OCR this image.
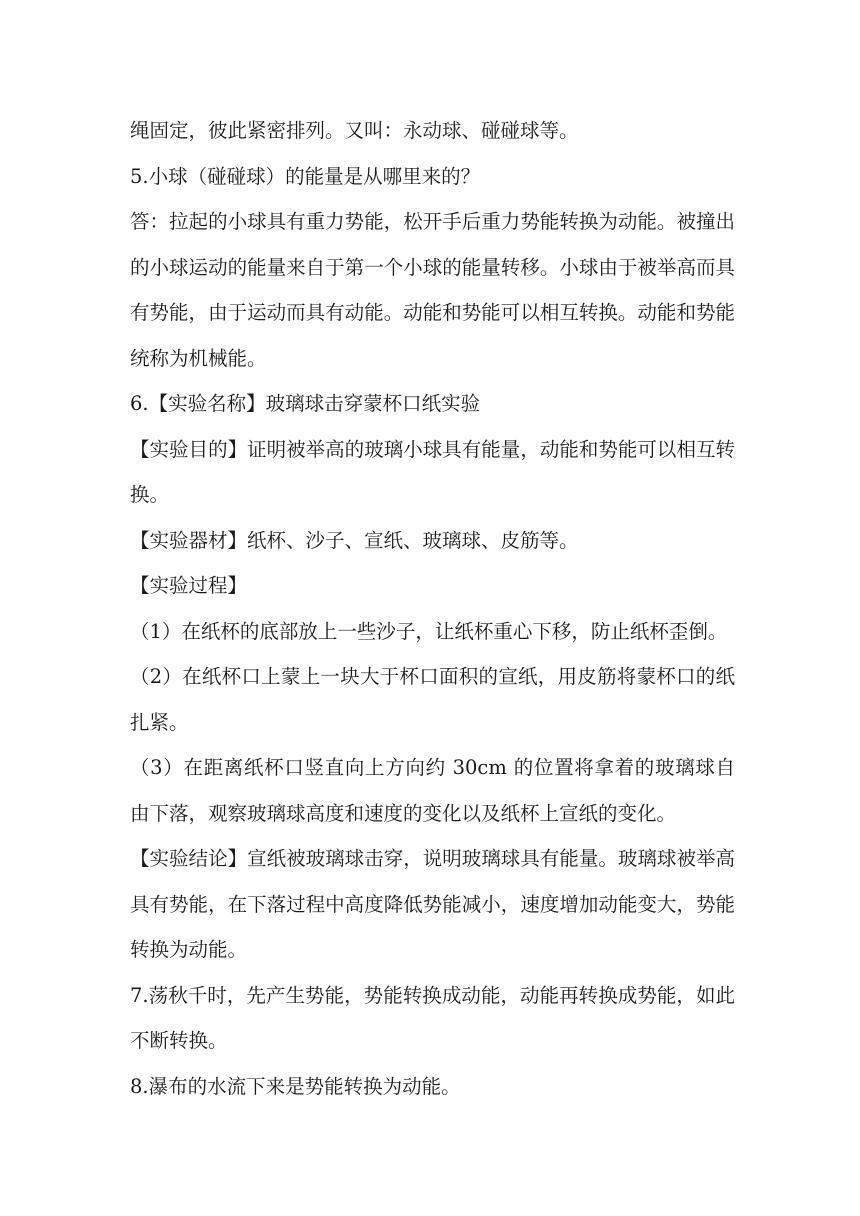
绳固定，彼此紧密排列。又叫：永动球、碰碰球等。

5.小球（碰碰球）的能量是从哪里来的？

答：拉起的小球具有重力势能，松开手后重力势能转换为动能。被撞出的小球运动的能量来自于第一个小球的能量转移。小球由于被举高而具有势能，由于运动而具有动能。动能和势能可以相互转换。动能和势能统称为机械能。

6.【实验名称】玻璃球击穿蒙杯口纸实验

【实验目的】证明被举高的玻璃小球具有能量，动能和势能可以相互转换。

【实验器材】纸杯、沙子、宣纸、玻璃球、皮筋等。

【实验过程】

（1）在纸杯的底部放上一些沙子，让纸杯重心下移，防止纸杯歪倒。

（2）在纸杯口上蒙上一块大于杯口面积的宣纸，用皮筋将蒙杯口的纸扎紧。

（3）在距离纸杯口竖直向上方向约 30cm 的位置将拿着的玻璃球自由下落，观察玻璃球高度和速度的变化以及纸杯上宣纸的变化。

【实验结论】宣纸被玻璃球击穿，说明玻璃球具有能量。玻璃球被举高具有势能，在下落过程中高度降低势能减小，速度增加动能变大，势能转换为动能。

7.荡秋千时，先产生势能，势能转换成动能，动能再转换成势能，如此不断转换。

8.瀑布的水流下来是势能转换为动能。
